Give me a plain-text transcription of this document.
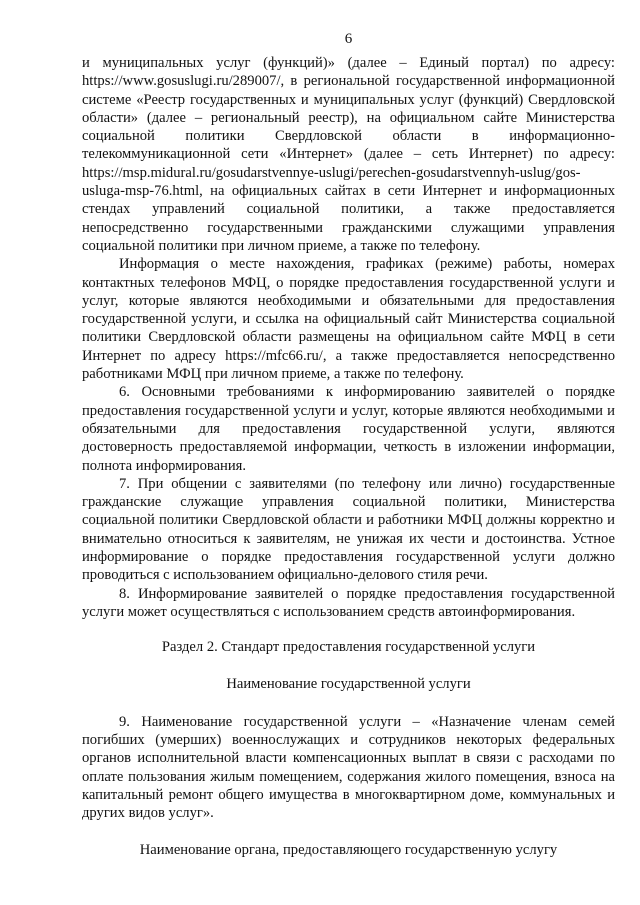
6

и муниципальных услуг (функций)» (далее – Единый портал) по адресу: https://www.gosuslugi.ru/289007/, в региональной государственной информационной системе «Реестр государственных и муниципальных услуг (функций) Свердловской области» (далее – региональный реестр), на официальном сайте Министерства социальной политики Свердловской области в информационно-телекоммуникационной сети «Интернет» (далее – сеть Интернет) по адресу: https://msp.midural.ru/gosudarstvennye-uslugi/perechen-gosudarstvennyh-uslug/gos-usluga-msp-76.html, на официальных сайтах в сети Интернет и информационных стендах управлений социальной политики, а также предоставляется непосредственно государственными гражданскими служащими управления социальной политики при личном приеме, а также по телефону.

Информация о месте нахождения, графиках (режиме) работы, номерах контактных телефонов МФЦ, о порядке предоставления государственной услуги и услуг, которые являются необходимыми и обязательными для предоставления государственной услуги, и ссылка на официальный сайт Министерства социальной политики Свердловской области размещены на официальном сайте МФЦ в сети Интернет по адресу https://mfc66.ru/, а также предоставляется непосредственно работниками МФЦ при личном приеме, а также по телефону.

6. Основными требованиями к информированию заявителей о порядке предоставления государственной услуги и услуг, которые являются необходимыми и обязательными для предоставления государственной услуги, являются достоверность предоставляемой информации, четкость в изложении информации, полнота информирования.

7. При общении с заявителями (по телефону или лично) государственные гражданские служащие управления социальной политики, Министерства социальной политики Свердловской области и работники МФЦ должны корректно и внимательно относиться к заявителям, не унижая их чести и достоинства. Устное информирование о порядке предоставления государственной услуги должно проводиться с использованием официально-делового стиля речи.

8. Информирование заявителей о порядке предоставления государственной услуги может осуществляться с использованием средств автоинформирования.

Раздел 2. Стандарт предоставления государственной услуги
Наименование государственной услуги

9. Наименование государственной услуги – «Назначение членам семей погибших (умерших) военнослужащих и сотрудников некоторых федеральных органов исполнительной власти компенсационных выплат в связи с расходами по оплате пользования жилым помещением, содержания жилого помещения, взноса на капитальный ремонт общего имущества в многоквартирном доме, коммунальных и других видов услуг».

Наименование органа, предоставляющего государственную услугу
